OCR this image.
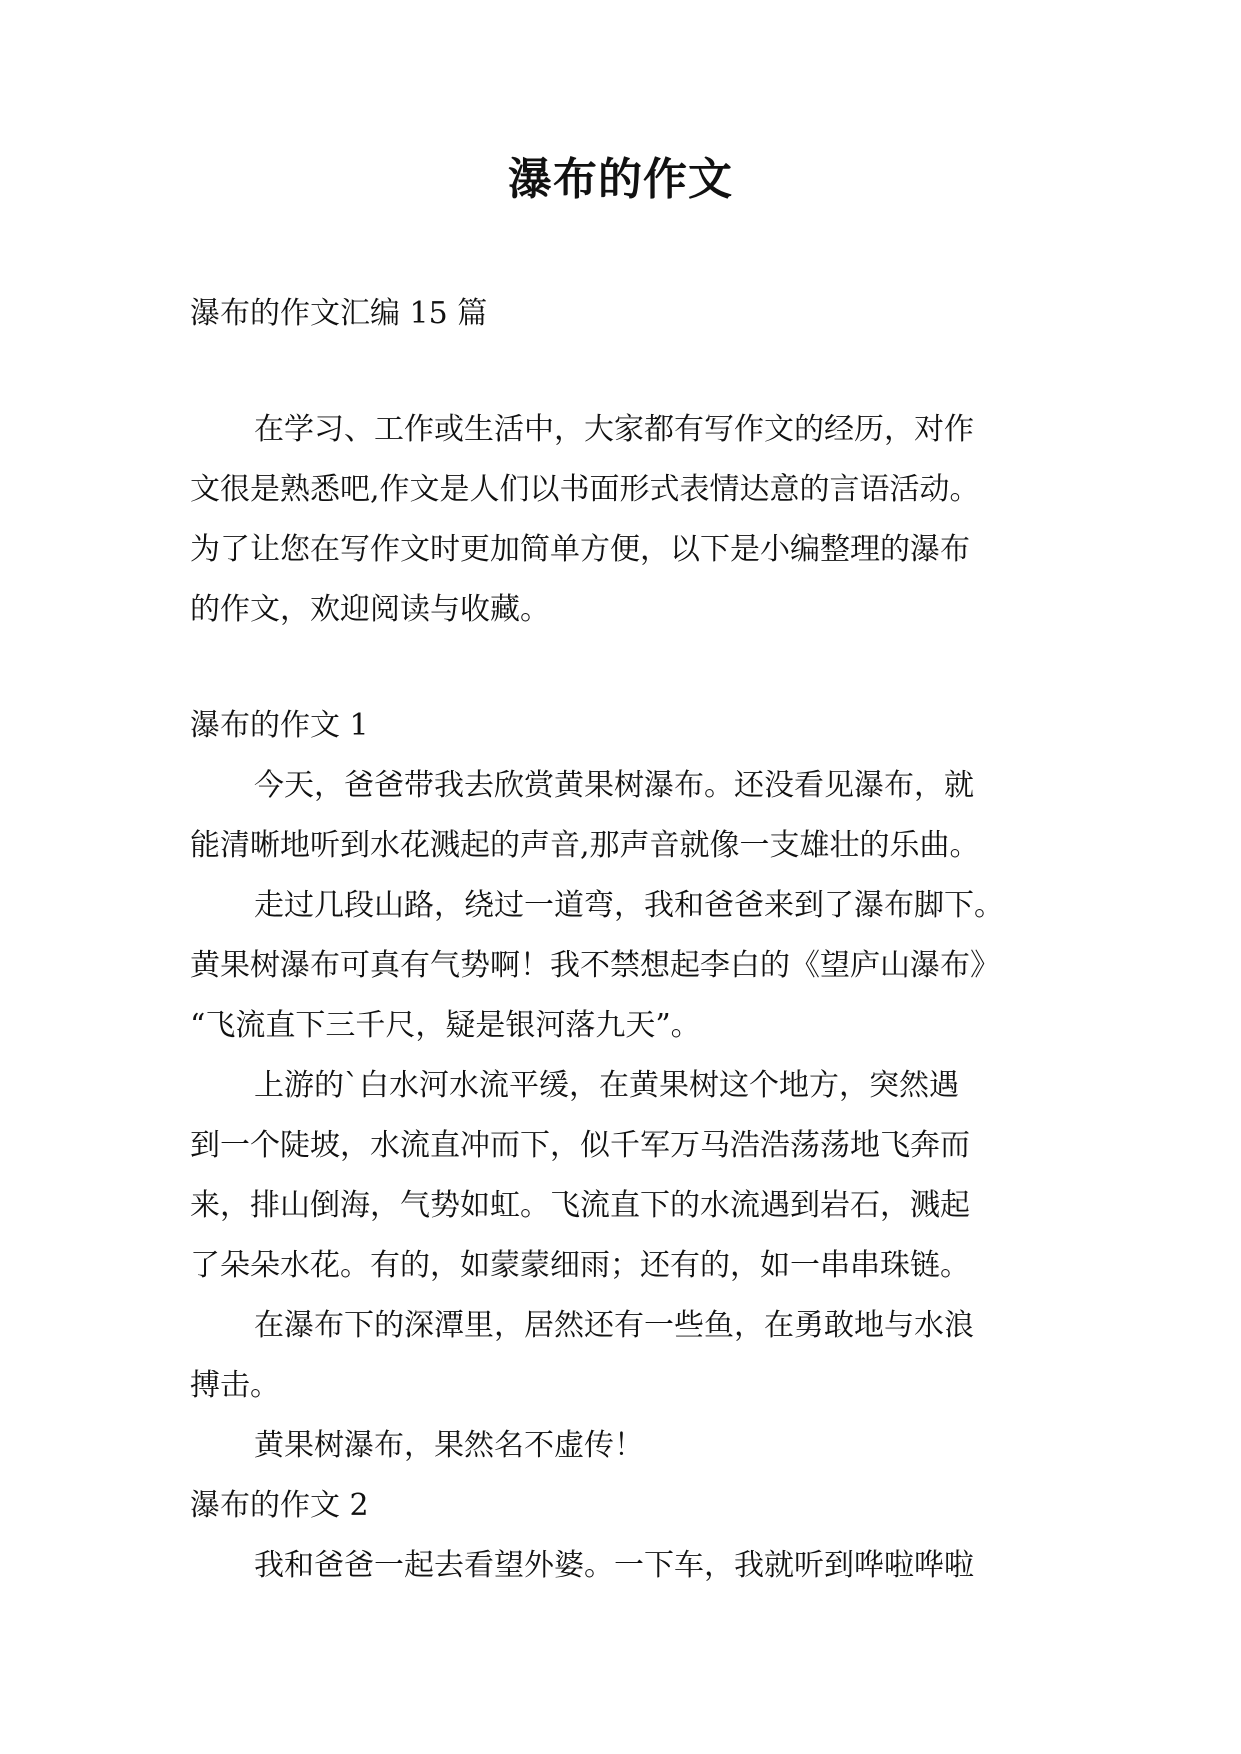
瀑布的作文

瀑布的作文汇编 15 篇

在学习、工作或生活中，大家都有写作文的经历，对作

文很是熟悉吧,作文是人们以书面形式表情达意的言语活动。

为了让您在写作文时更加简单方便，以下是小编整理的瀑布

的作文，欢迎阅读与收藏。

瀑布的作文 1

今天，爸爸带我去欣赏黄果树瀑布。还没看见瀑布，就

能清晰地听到水花溅起的声音,那声音就像一支雄壮的乐曲。

走过几段山路，绕过一道弯，我和爸爸来到了瀑布脚下。

黄果树瀑布可真有气势啊！我不禁想起李白的《望庐山瀑布》

“飞流直下三千尺，疑是银河落九天”。

上游的`白水河水流平缓，在黄果树这个地方，突然遇

到一个陡坡，水流直冲而下，似千军万马浩浩荡荡地飞奔而

来，排山倒海，气势如虹。飞流直下的水流遇到岩石，溅起

了朵朵水花。有的，如蒙蒙细雨；还有的，如一串串珠链。

在瀑布下的深潭里，居然还有一些鱼，在勇敢地与水浪

搏击。

黄果树瀑布，果然名不虚传！

瀑布的作文 2

我和爸爸一起去看望外婆。一下车，我就听到哗啦哗啦
